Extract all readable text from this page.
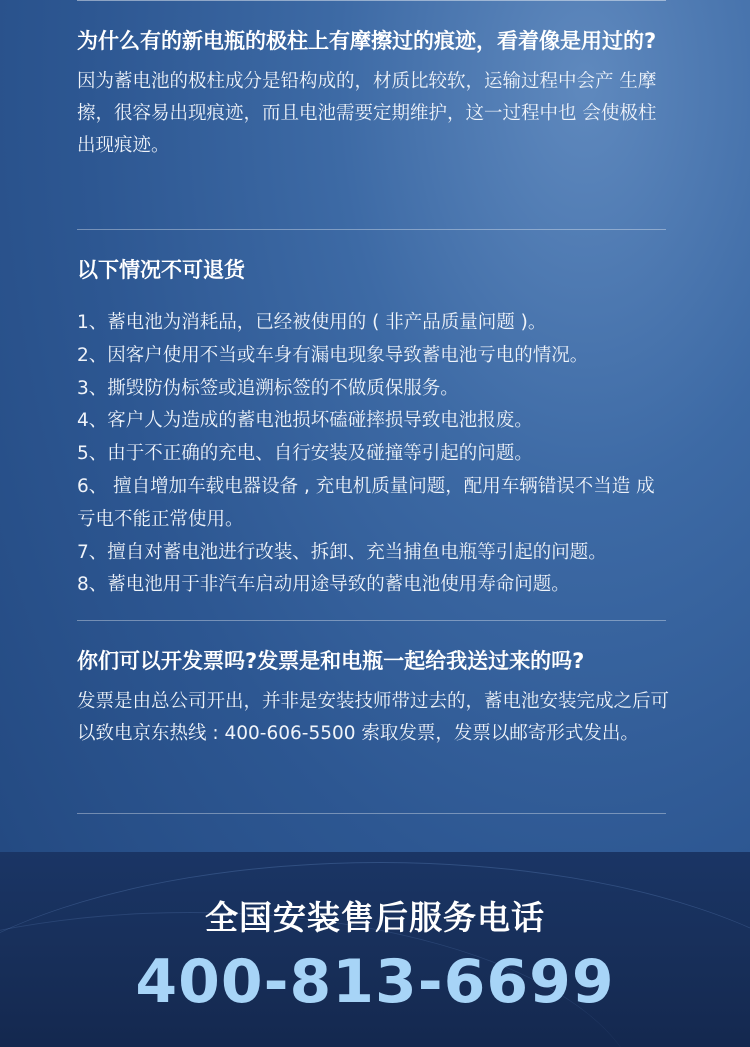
为什么有的新电瓶的极柱上有摩擦过的痕迹，看着像是用过的?

因为蓄电池的极柱成分是铅构成的，材质比较软，运输过程中会产 生摩擦，很容易出现痕迹，而且电池需要定期维护，这一过程中也 会使极柱出现痕迹。

以下情况不可退货

1、蓄电池为消耗品，已经被使用的 ( 非产品质量问题 )。
2、因客户使用不当或车身有漏电现象导致蓄电池亏电的情况。
3、撕毁防伪标签或追溯标签的不做质保服务。
4、客户人为造成的蓄电池损坏磕碰摔损导致电池报废。
5、由于不正确的充电、自行安装及碰撞等引起的问题。
6、 擅自增加车载电器设备 , 充电机质量问题，配用车辆错误不当造 成亏电不能正常使用。
7、擅自对蓄电池进行改装、拆卸、充当捕鱼电瓶等引起的问题。
8、蓄电池用于非汽车启动用途导致的蓄电池使用寿命问题。

你们可以开发票吗?发票是和电瓶一起给我送过来的吗?

发票是由总公司开出，并非是安装技师带过去的，蓄电池安装完成之后可以致电京东热线 : 400-606-5500 索取发票，发票以邮寄形式发出。

全国安装售后服务电话
400-813-6699
